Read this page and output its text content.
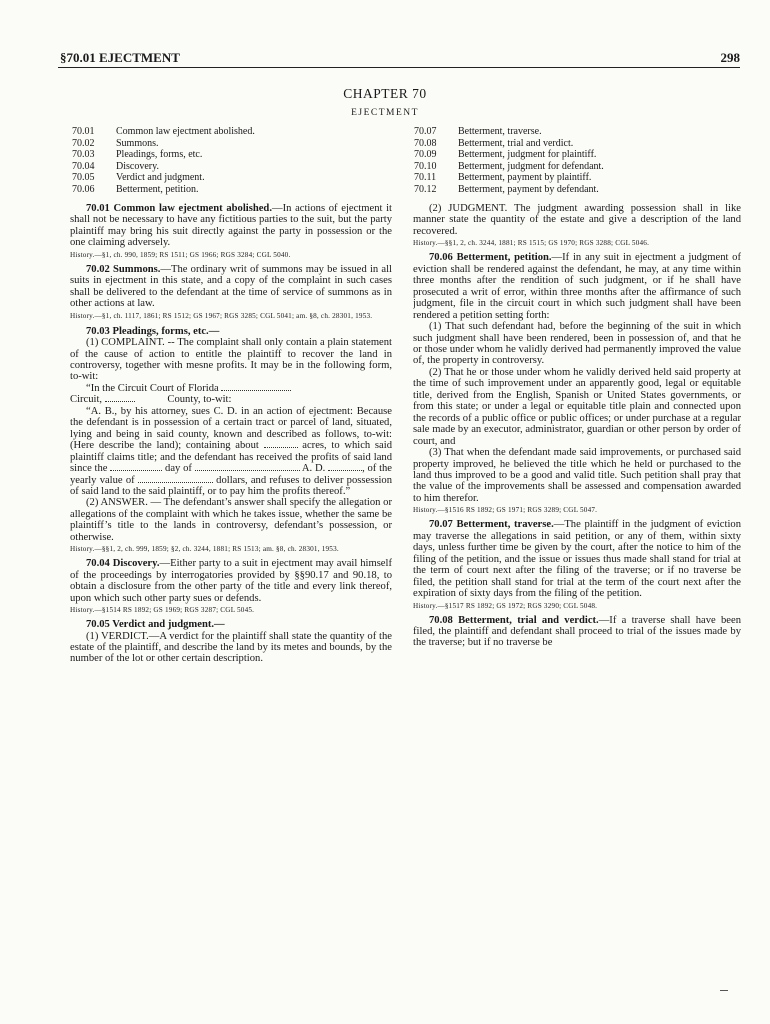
§70.01 EJECTMENT	298
CHAPTER 70
EJECTMENT
70.01	Common law ejectment abolished.
70.02	Summons.
70.03	Pleadings, forms, etc.
70.04	Discovery.
70.05	Verdict and judgment.
70.06	Betterment, petition.
70.07	Betterment, traverse.
70.08	Betterment, trial and verdict.
70.09	Betterment, judgment for plaintiff.
70.10	Betterment, judgment for defendant.
70.11	Betterment, payment by plaintiff.
70.12	Betterment, payment by defendant.

70.01 Common law ejectment abolished.—In actions of ejectment it shall not be necessary to have any fictitious parties to the suit, but the party plaintiff may bring his suit directly against the party in possession or the one claiming adversely.

History.—§1, ch. 990, 1859; RS 1511; GS 1966; RGS 3284; CGL 5040.

70.02 Summons.—The ordinary writ of summons may be issued in all suits in ejectment in this state, and a copy of the complaint in such cases shall be delivered to the defendant at the time of service of summons as in other actions at law.

History.—§1, ch. 1117, 1861; RS 1512; GS 1967; RGS 3285; CGL 5041; am. §8, ch. 28301, 1953.

70.03 Pleadings, forms, etc.—

(1) COMPLAINT. -- The complaint shall only contain a plain statement of the cause of action to entitle the plaintiff to recover the land in controversy, together with mesne profits. It may be in the following form, to-wit:

“In the Circuit Court of Florida

Circuit,	County, to-wit:

“A. B., by his attorney, sues C. D. in an action of ejectment: Because the defendant is in possession of a certain tract or parcel of land, situated, lying and being in said county, known and described as follows, to-wit: (Here describe the land); containing about	acres, to which said plaintiff claims title; and the defendant has received the profits of said land since the	day of	A. D.	, of the yearly value of	dollars, and refuses to deliver possession of said land to the said plaintiff, or to pay him the profits thereof.”

(2) ANSWER. — The defendant’s answer shall specify the allegation or allegations of the complaint with which he takes issue, whether the same be plaintiff’s title to the lands in controversy, defendant’s possession, or otherwise.

History.—§§1, 2, ch. 999, 1859; §2, ch. 3244, 1881; RS 1513; am. §8, ch. 28301, 1953.

70.04 Discovery.—Either party to a suit in ejectment may avail himself of the proceedings by interrogatories provided by §§90.17 and 90.18, to obtain a disclosure from the other party of the title and every link thereof, upon which such other party sues or defends.

History.—§1514 RS 1892; GS 1969; RGS 3287; CGL 5045.

70.05 Verdict and judgment.—

(1) VERDICT.—A verdict for the plaintiff shall state the quantity of the estate of the plaintiff, and describe the land by its metes and bounds, by the number of the lot or other certain description.

(2) JUDGMENT. The judgment awarding possession shall in like manner state the quantity of the estate and give a description of the land recovered.

History.—§§1, 2, ch. 3244, 1881; RS 1515; GS 1970; RGS 3288; CGL 5046.

70.06 Betterment, petition.—If in any suit in ejectment a judgment of eviction shall be rendered against the defendant, he may, at any time within three months after the rendition of such judgment, or if he shall have prosecuted a writ of error, within three months after the affirmance of such judgment, file in the circuit court in which such judgment shall have been rendered a petition setting forth:

(1) That such defendant had, before the beginning of the suit in which such judgment shall have been rendered, been in possession of, and that he or those under whom he validly derived had permanently improved the value of, the property in controversy.

(2) That he or those under whom he validly derived held said property at the time of such improvement under an apparently good, legal or equitable title, derived from the English, Spanish or United States governments, or from this state; or under a legal or equitable title plain and connected upon the records of a public office or public offices; or under purchase at a regular sale made by an executor, administrator, guardian or other person by order of court, and

(3) That when the defendant made said improvements, or purchased said property improved, he believed the title which he held or purchased to the land thus improved to be a good and valid title. Such petition shall pray that the value of the improvements shall be assessed and compensation awarded to him therefor.

History.—§1516 RS 1892; GS 1971; RGS 3289; CGL 5047.

70.07 Betterment, traverse.—The plaintiff in the judgment of eviction may traverse the allegations in said petition, or any of them, within sixty days, unless further time be given by the court, after the notice to him of the filing of the petition, and the issue or issues thus made shall stand for trial at the term of court next after the filing of the traverse; or if no traverse be filed, the petition shall stand for trial at the term of the court next after the expiration of sixty days from the filing of the petition.

History.—§1517 RS 1892; GS 1972; RGS 3290; CGL 5048.

70.08 Betterment, trial and verdict.—If a traverse shall have been filed, the plaintiff and defendant shall proceed to trial of the issues made by the traverse; but if no traverse be
